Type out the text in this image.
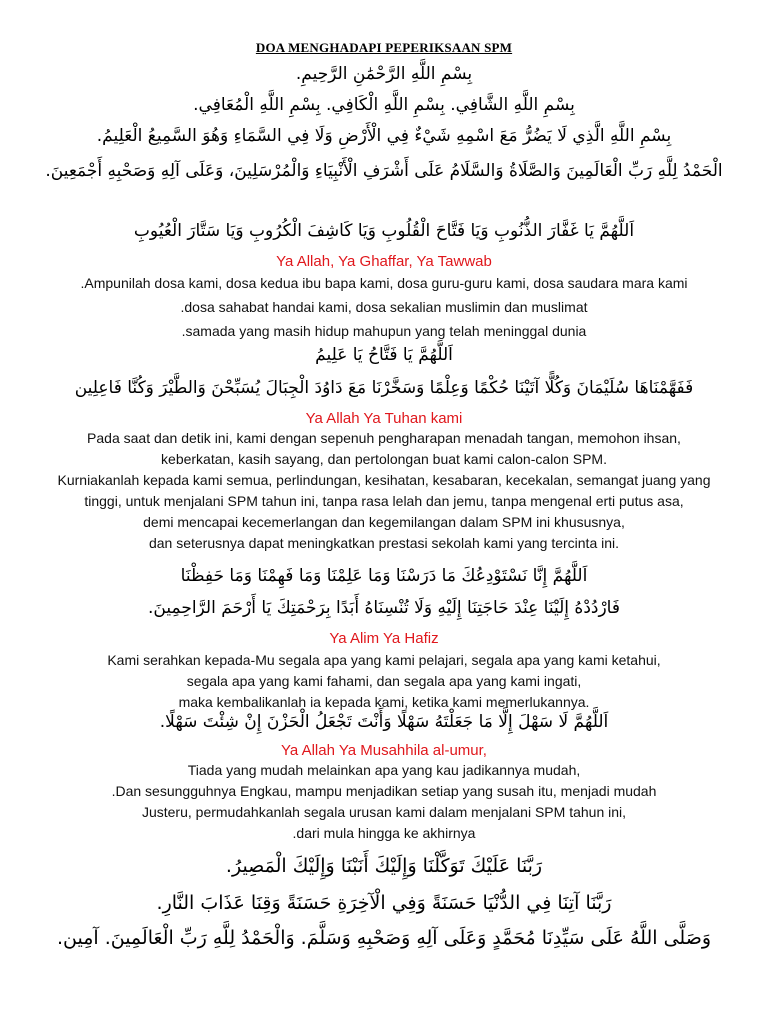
DOA MENGHADAPI PEPERIKSAAN SPM
بِسْمِ اللَّهِ الرَّحْمَٰنِ الرَّحِيمِ.
بِسْمِ اللَّهِ الشَّافِي. بِسْمِ اللَّهِ الْكَافِي. بِسْمِ اللَّهِ الْمُعَافِي.
بِسْمِ اللَّهِ الَّذِي لَا يَضُرُّ مَعَ اسْمِهِ شَيْءٌ فِي الْأَرْضِ وَلَا فِي السَّمَاءِ وَهُوَ السَّمِيعُ الْعَلِيمُ.
الْحَمْدُ لِلَّهِ رَبِّ الْعَالَمِينَ وَالصَّلَاةُ وَالسَّلَامُ عَلَى أَشْرَفِ الْأَنْبِيَاءِ وَالْمُرْسَلِينَ، وَعَلَى آلِهِ وَصَحْبِهِ أَجْمَعِينَ.
اَللَّهُمَّ يَا غَفَّارَ الذُّنُوبِ وَيَا فَتَّاحَ الْقُلُوبِ وَيَا كَاشِفَ الْكُرُوبِ وَيَا سَتَّارَ الْعُيُوبِ
Ya Allah, Ya Ghaffar, Ya Tawwab
.Ampunilah dosa kami, dosa kedua ibu bapa kami, dosa guru-guru kami, dosa saudara mara kami
.dosa sahabat handai kami, dosa sekalian muslimin dan muslimat
.samada yang masih hidup mahupun yang telah meninggal dunia
اَللَّهُمَّ يَا فَتَّاحُ يَا عَلِيمُ
فَفَهَّمْنَاهَا سُلَيْمَانَ وَكُلًّا آتَيْنَا حُكْمًا وَعِلْمًا وَسَخَّرْنَا مَعَ دَاوُدَ الْجِبَالَ يُسَبِّحْنَ وَالطَّيْرَ وَكُنَّا فَاعِلِين
Ya Allah Ya Tuhan kami
Pada saat dan detik ini, kami dengan sepenuh pengharapan menadah tangan, memohon ihsan,
keberkatan, kasih sayang, dan pertolongan buat kami calon-calon SPM.
Kurniakanlah kepada kami semua, perlindungan, kesihatan, kesabaran, kecekalan, semangat juang yang
tinggi, untuk menjalani SPM tahun ini, tanpa rasa lelah dan jemu, tanpa mengenal erti putus asa,
demi mencapai kecemerlangan dan kegemilangan dalam SPM ini khususnya,
dan seterusnya dapat meningkatkan prestasi sekolah kami yang tercinta ini.
اَللَّهُمَّ إِنَّا نَسْتَوْدِعُكَ مَا دَرَسْنَا وَمَا عَلِمْنَا وَمَا فَهِمْنَا وَمَا حَفِظْنَا
فَارْدُدْهُ إِلَيْنَا عِنْدَ حَاجَتِنَا إِلَيْهِ وَلَا تُنْسِنَاهُ أَبَدًا بِرَحْمَتِكَ يَا أَرْحَمَ الرَّاحِمِينَ.
Ya Alim Ya Hafiz
Kami serahkan kepada-Mu segala apa yang kami pelajari, segala apa yang kami ketahui,
segala apa yang kami fahami, dan segala apa yang kami ingati,
maka kembalikanlah ia kepada kami, ketika kami memerlukannya.
اَللَّهُمَّ لَا سَهْلَ إِلَّا مَا جَعَلْتَهُ سَهْلًا وَأَنْتَ تَجْعَلُ الْحَزْنَ إِنْ شِئْتَ سَهْلًا.
Ya Allah Ya Musahhila al-umur,
Tiada yang mudah melainkan apa yang kau jadikannya mudah,
.Dan sesungguhnya Engkau, mampu menjadikan setiap yang susah itu, menjadi mudah
Justeru, permudahkanlah segala urusan kami dalam menjalani SPM tahun ini,
.dari mula hingga ke akhirnya
رَبَّنَا عَلَيْكَ تَوَكَّلْنَا وَإِلَيْكَ أَنَبْنَا وَإِلَيْكَ الْمَصِيرُ.
رَبَّنَا آتِنَا فِي الدُّنْيَا حَسَنَةً وَفِي الْآخِرَةِ حَسَنَةً وَقِنَا عَذَابَ النَّارِ.
وَصَلَّى اللَّهُ عَلَى سَيِّدِنَا مُحَمَّدٍ وَعَلَى آلِهِ وَصَحْبِهِ وَسَلَّمَ. وَالْحَمْدُ لِلَّهِ رَبِّ الْعَالَمِينَ. آمِين.
